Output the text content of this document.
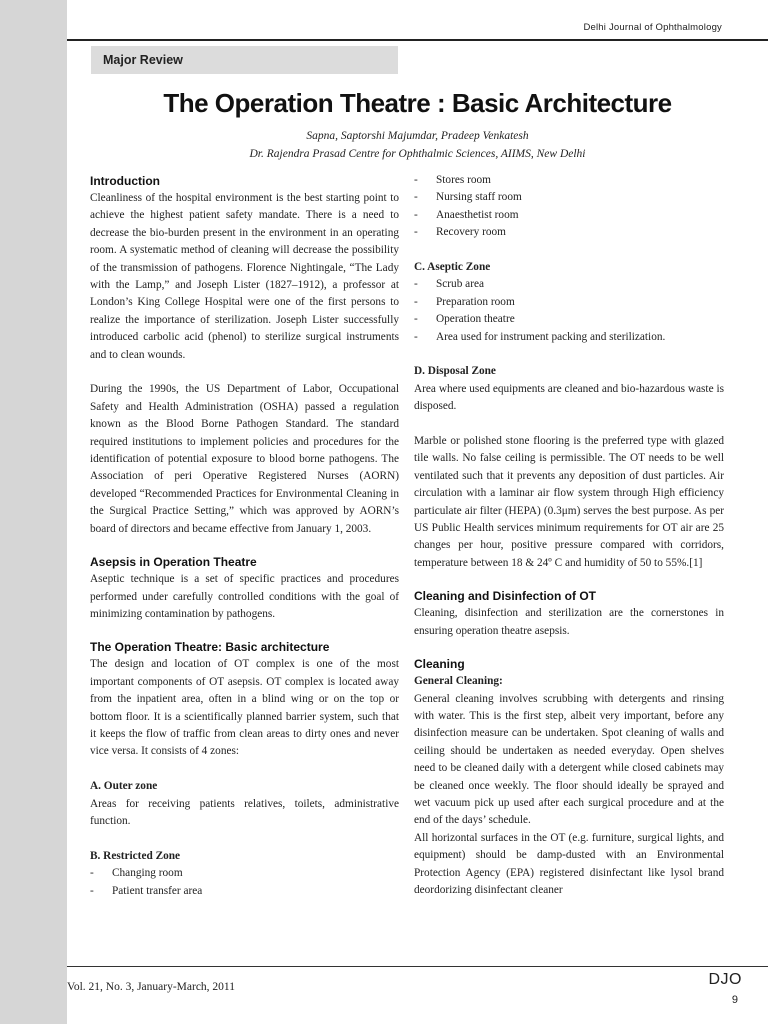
Delhi Journal of Ophthalmology
Major Review
The Operation Theatre : Basic Architecture
Sapna, Saptorshi Majumdar, Pradeep Venkatesh
Dr. Rajendra Prasad Centre for Ophthalmic Sciences, AIIMS, New Delhi
Introduction

Cleanliness of the hospital environment is the best starting point to achieve the highest patient safety mandate. There is a need to decrease the bio-burden present in the environment in an operating room. A systematic method of cleaning will decrease the possibility of the transmission of pathogens. Florence Nightingale, “The Lady with the Lamp,” and Joseph Lister (1827–1912), a professor at London’s King College Hospital were one of the first persons to realize the importance of sterilization. Joseph Lister successfully introduced carbolic acid (phenol) to sterilize surgical instruments and to clean wounds.

During the 1990s, the US Department of Labor, Occupational Safety and Health Administration (OSHA) passed a regulation known as the Blood Borne Pathogen Standard. The standard required institutions to implement policies and procedures for the identification of potential exposure to blood borne pathogens. The Association of peri Operative Registered Nurses (AORN) developed “Recommended Practices for Environmental Cleaning in the Surgical Practice Setting,” which was approved by AORN’s board of directors and became effective from January 1, 2003.

Asepsis in Operation Theatre

Aseptic technique is a set of specific practices and procedures performed under carefully controlled conditions with the goal of minimizing contamination by pathogens.

The Operation Theatre: Basic architecture

The design and location of OT complex is one of the most important components of OT asepsis. OT complex is located away from the inpatient area, often in a blind wing or on the top or bottom floor. It is a scientifically planned barrier system, such that it keeps the flow of traffic from clean areas to dirty ones and never vice versa. It consists of 4 zones:

A. Outer zone

Areas for receiving patients relatives, toilets, administrative function.

B. Restricted Zone
- Changing room
- Patient transfer area
- Stores room
- Nursing staff room
- Anaesthetist room
- Recovery room
C. Aseptic Zone
- Scrub area
- Preparation room
- Operation theatre
- Area used for instrument packing and sterilization.
D. Disposal Zone

Area where used equipments are cleaned and bio-hazardous waste is disposed.

Marble or polished stone flooring is the preferred type with glazed tile walls. No false ceiling is permissible. The OT needs to be well ventilated such that it prevents any deposition of dust particles. Air circulation with a laminar air flow system through High efficiency particulate air filter (HEPA) (0.3μm) serves the best purpose. As per US Public Health services minimum requirements for OT air are 25 changes per hour, positive pressure compared with corridors, temperature between 18 & 24º C and humidity of 50 to 55%.[1]

Cleaning and Disinfection of OT

Cleaning, disinfection and sterilization are the cornerstones in ensuring operation theatre asepsis.

Cleaning
General Cleaning:

General cleaning involves scrubbing with detergents and rinsing with water. This is the first step, albeit very important, before any disinfection measure can be undertaken. Spot cleaning of walls and ceiling should be undertaken as needed everyday. Open shelves need to be cleaned daily with a detergent while closed cabinets may be cleaned once weekly. The floor should ideally be sprayed and wet vacuum pick up used after each surgical procedure and at the end of the days’ schedule.

All horizontal surfaces in the OT (e.g. furniture, surgical lights, and equipment) should be damp-dusted with an Environmental Protection Agency (EPA) registered disinfectant like lysol brand deordorizing disinfectant cleaner

Vol. 21, No. 3, January-March, 2011	DJO
9
